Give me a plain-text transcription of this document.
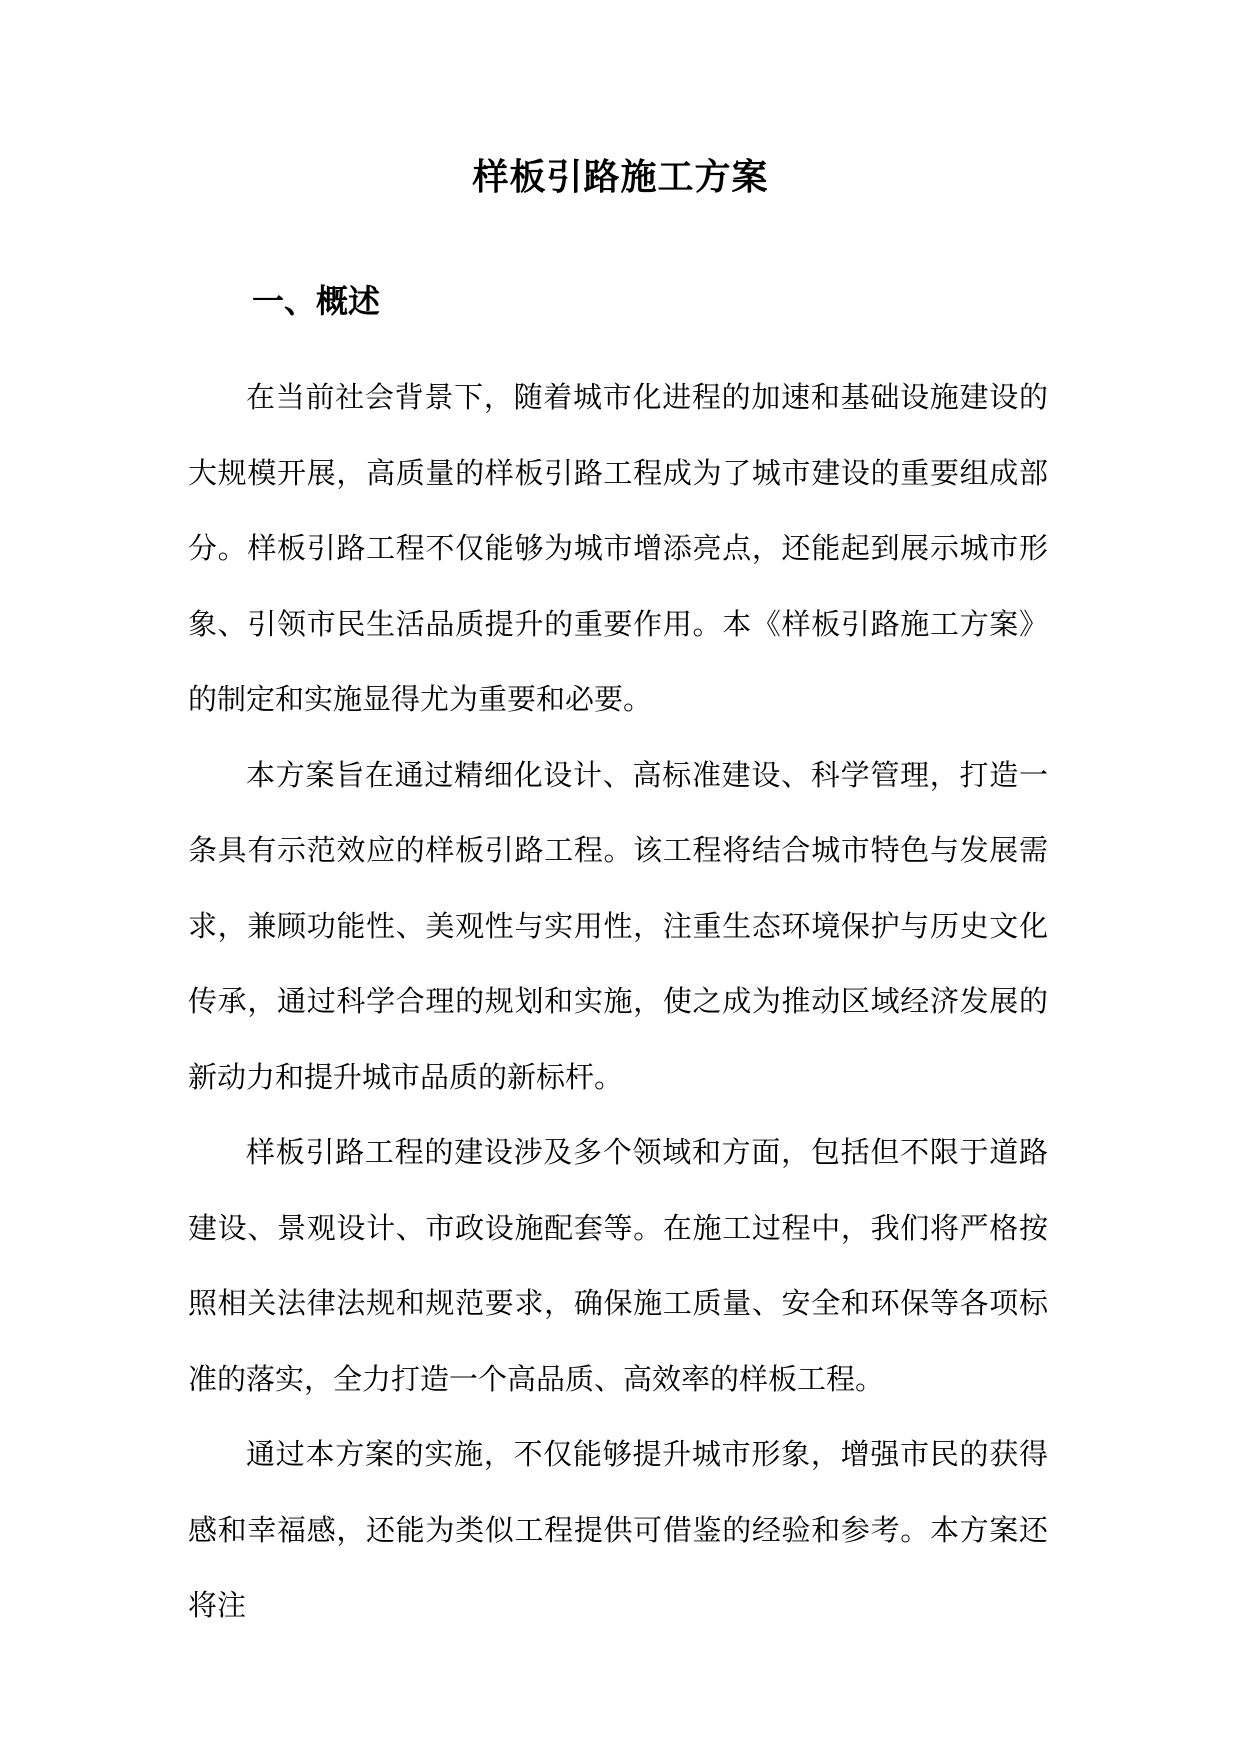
样板引路施工方案
一、概述

在当前社会背景下，随着城市化进程的加速和基础设施建设的大规模开展，高质量的样板引路工程成为了城市建设的重要组成部分。样板引路工程不仅能够为城市增添亮点，还能起到展示城市形象、引领市民生活品质提升的重要作用。本《样板引路施工方案》的制定和实施显得尤为重要和必要。

本方案旨在通过精细化设计、高标准建设、科学管理，打造一条具有示范效应的样板引路工程。该工程将结合城市特色与发展需求，兼顾功能性、美观性与实用性，注重生态环境保护与历史文化传承，通过科学合理的规划和实施，使之成为推动区域经济发展的新动力和提升城市品质的新标杆。

样板引路工程的建设涉及多个领域和方面，包括但不限于道路建设、景观设计、市政设施配套等。在施工过程中，我们将严格按照相关法律法规和规范要求，确保施工质量、安全和环保等各项标准的落实，全力打造一个高品质、高效率的样板工程。

通过本方案的实施，不仅能够提升城市形象，增强市民的获得感和幸福感，还能为类似工程提供可借鉴的经验和参考。本方案还将注
